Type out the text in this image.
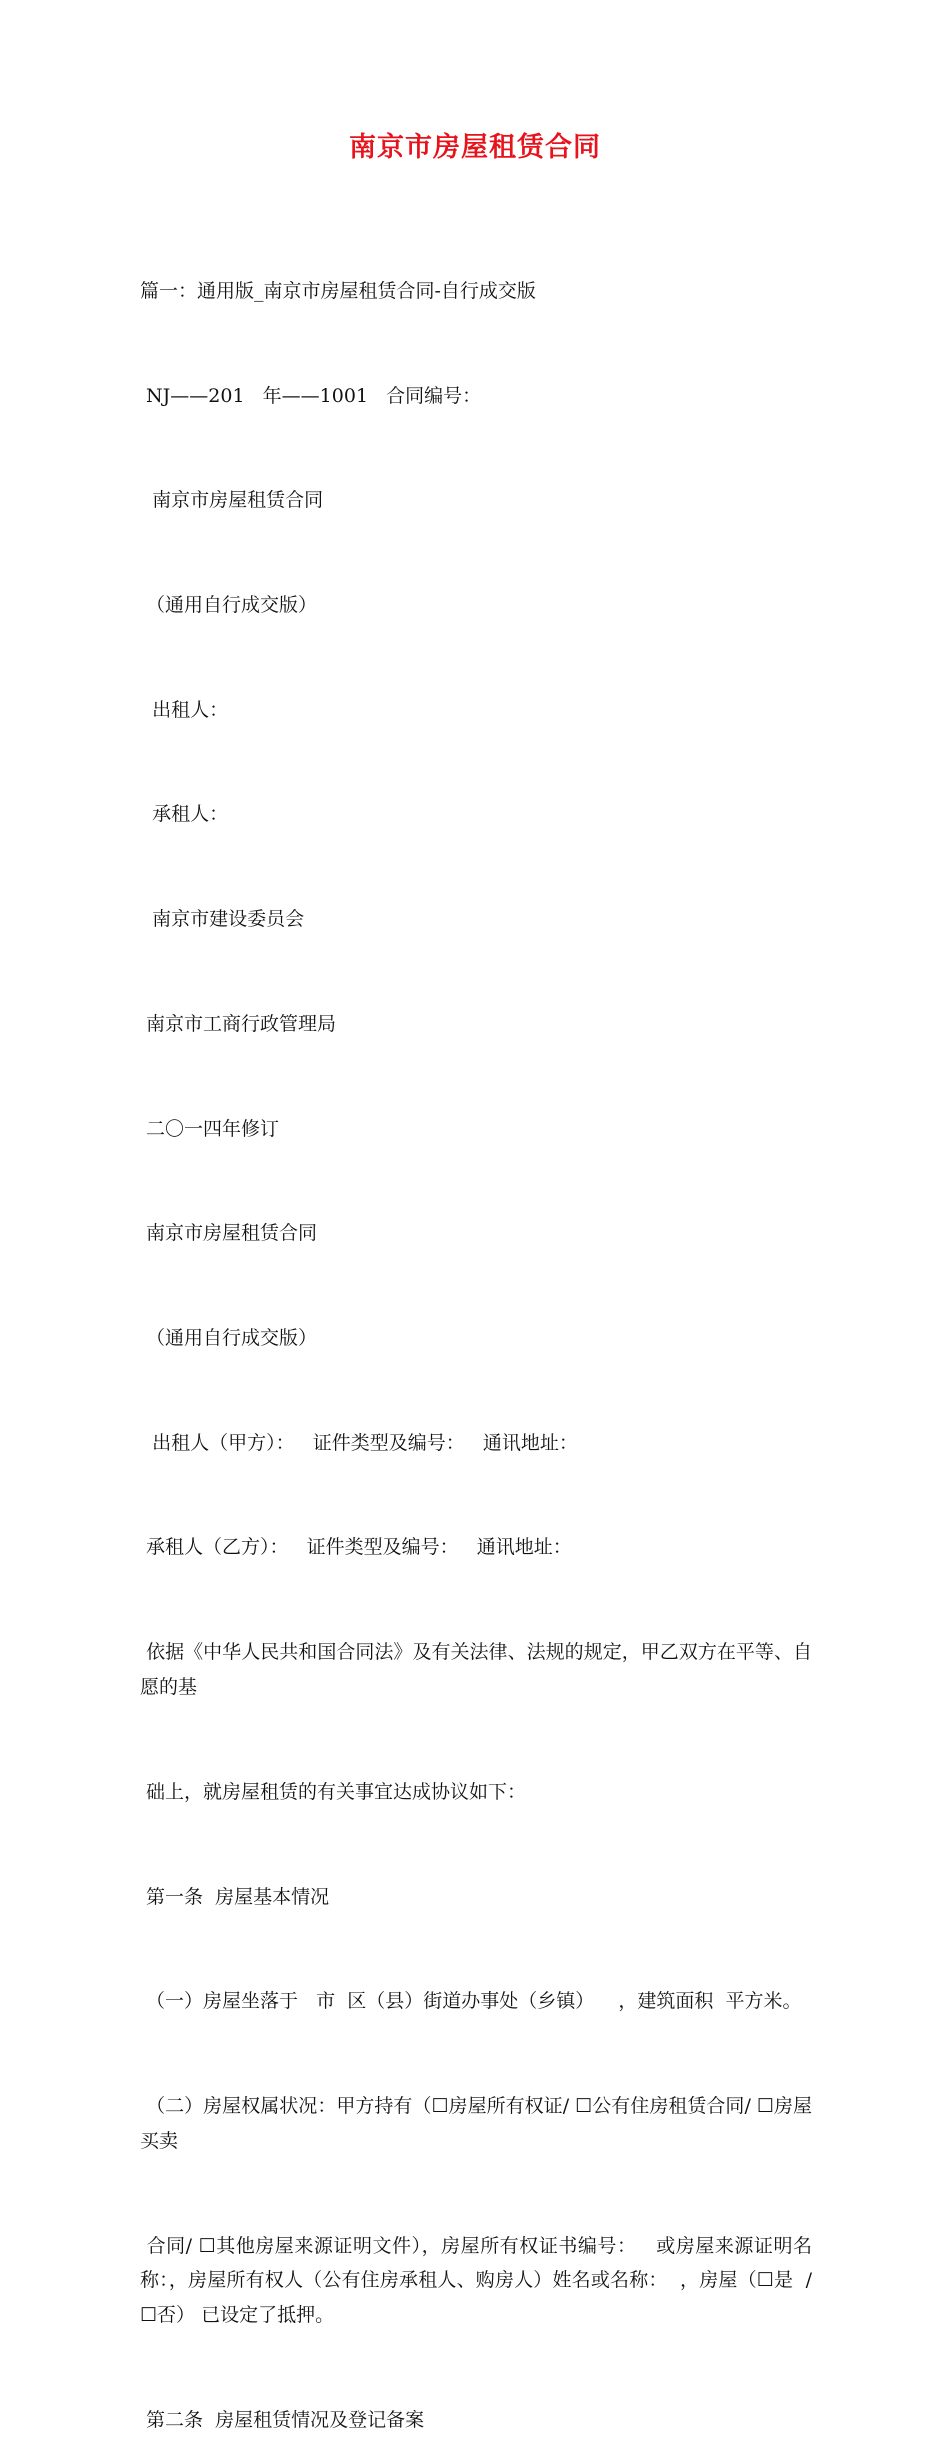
南京市房屋租赁合同

篇一：通用版_南京市房屋租赁合同-自行成交版

NJ——201   年——1001   合同编号：

南京市房屋租赁合同

（通用自行成交版）

出租人：

承租人：

南京市建设委员会

南京市工商行政管理局

二〇一四年修订

南京市房屋租赁合同

（通用自行成交版）

出租人（甲方）：   证件类型及编号：   通讯地址：

承租人（乙方）：   证件类型及编号：   通讯地址：

依据《中华人民共和国合同法》及有关法律、法规的规定，甲乙双方在平等、自愿的基

础上，就房屋租赁的有关事宜达成协议如下：

第一条  房屋基本情况

（一）房屋坐落于   市  区（县）街道办事处（乡镇）    ，建筑面积  平方米。

（二）房屋权属状况：甲方持有（☐房屋所有权证/ ☐公有住房租赁合同/ ☐房屋买卖

合同/ ☐其他房屋来源证明文件），房屋所有权证书编号：   或房屋来源证明名称：，房屋所有权人（公有住房承租人、购房人）姓名或名称：  ，房屋（☐是  / ☐否） 已设定了抵押。

第二条  房屋租赁情况及登记备案
